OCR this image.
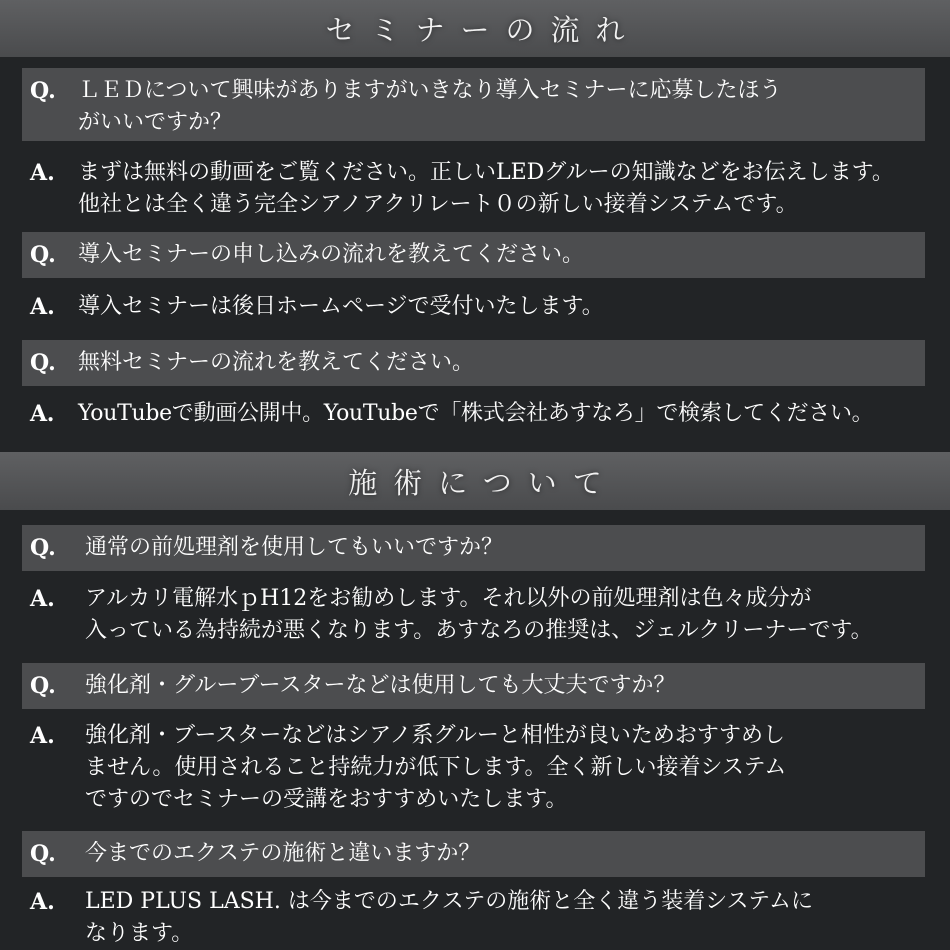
セミナーの流れ
Q.	ＬＥＤについて興味がありますがいきなり導入セミナーに応募したほう
がいいですか？
A.	まずは無料の動画をご覧ください。正しいLEDグルーの知識などをお伝えします。
他社とは全く違う完全シアノアクリレート０の新しい接着システムです。
Q.	導入セミナーの申し込みの流れを教えてください。
A.	導入セミナーは後日ホームページで受付いたします。
Q.	無料セミナーの流れを教えてください。
A.	YouTubeで動画公開中。YouTubeで「株式会社あすなろ」で検索してください。
施術について
Q.	通常の前処理剤を使用してもいいですか？
A.	アルカリ電解水ｐH12をお勧めします。それ以外の前処理剤は色々成分が
入っている為持続が悪くなります。あすなろの推奨は、ジェルクリーナーです。
Q.	強化剤・グルーブースターなどは使用しても大丈夫ですか？
A.	強化剤・ブースターなどはシアノ系グルーと相性が良いためおすすめし
ません。使用されること持続力が低下します。全く新しい接着システム
ですのでセミナーの受講をおすすめいたします。
Q.	今までのエクステの施術と違いますか？
A.	LED PLUS LASH. は今までのエクステの施術と全く違う装着システムに
なります。
